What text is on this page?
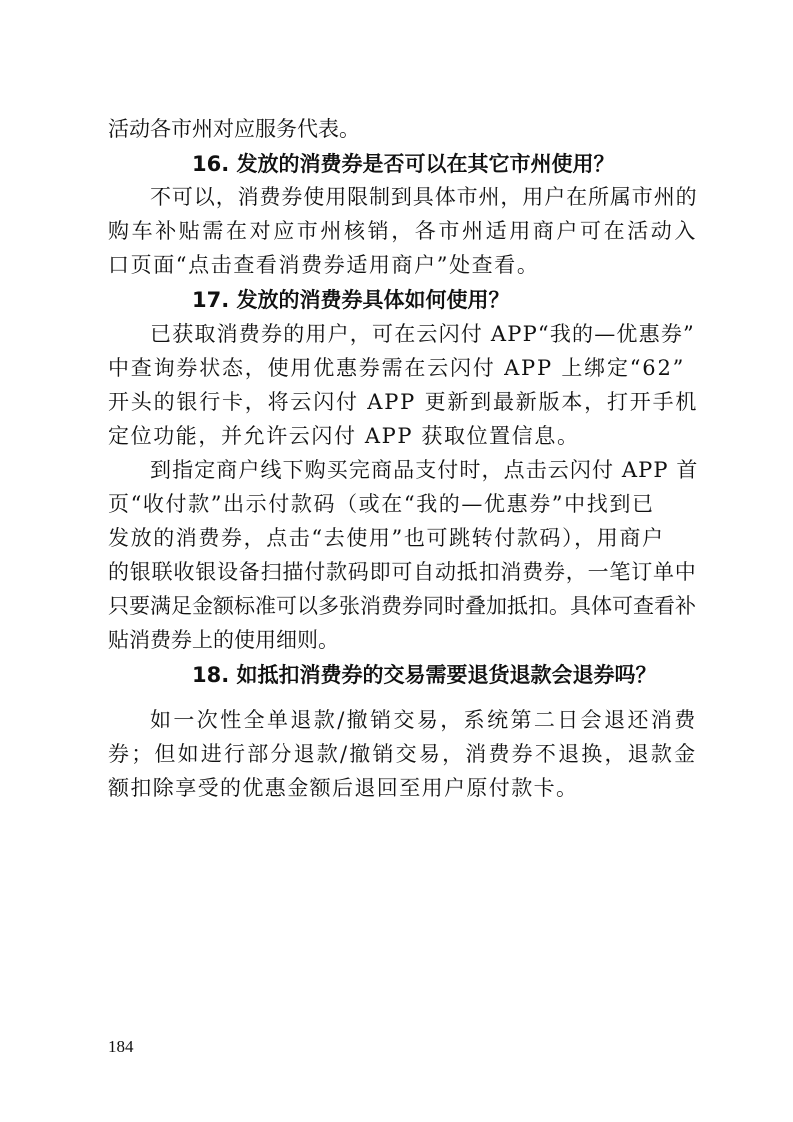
活动各市州对应服务代表。
16. 发放的消费券是否可以在其它市州使用？
不可以，消费券使用限制到具体市州，用户在所属市州的
购车补贴需在对应市州核销，各市州适用商户可在活动入
口页面“点击查看消费券适用商户”处查看。
17. 发放的消费券具体如何使用？
已获取消费券的用户，可在云闪付 APP“我的—优惠券”
中查询券状态，使用优惠券需在云闪付 APP 上绑定“62”
开头的银行卡，将云闪付 APP 更新到最新版本，打开手机
定位功能，并允许云闪付 APP 获取位置信息。
到指定商户线下购买完商品支付时，点击云闪付 APP 首
页“收付款”出示付款码（或在“我的—优惠券”中找到已
发放的消费券，点击“去使用”也可跳转付款码），用商户
的银联收银设备扫描付款码即可自动抵扣消费券，一笔订单中
只要满足金额标准可以多张消费券同时叠加抵扣。具体可查看补
贴消费券上的使用细则。
18. 如抵扣消费券的交易需要退货退款会退券吗？
如一次性全单退款/撤销交易，系统第二日会退还消费
券；但如进行部分退款/撤销交易，消费券不退换，退款金
额扣除享受的优惠金额后退回至用户原付款卡。
184
